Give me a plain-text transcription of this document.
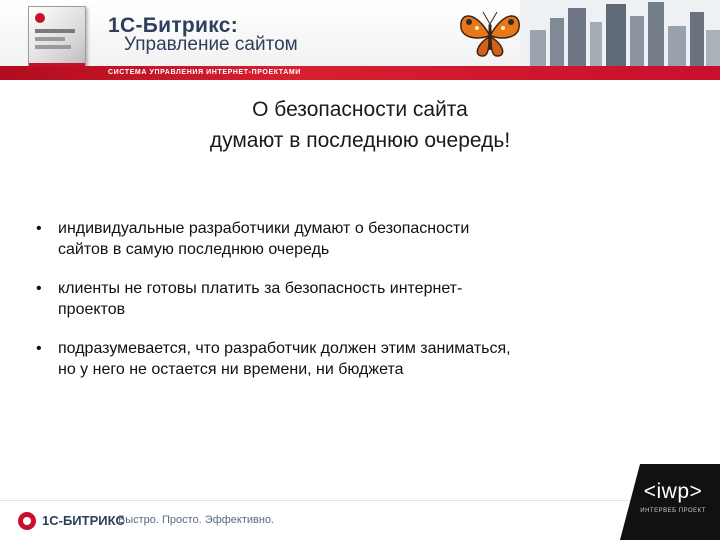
1С-Битрикс:
Управление сайтом
СИСТЕМА УПРАВЛЕНИЯ ИНТЕРНЕТ-ПРОЕКТАМИ
О безопасности сайта
думают в последнюю очередь!
• индивидуальные разработчики думают о безопасности
сайтов в самую последнюю очередь
• клиенты не готовы платить за безопасность интернет-
проектов
• подразумевается, что разработчик должен этим заниматься,
но у него не остается ни времени, ни бюджета
1С-БИТРИКС
Быстро. Просто. Эффективно.
<iwp>
ИНТЕРВЕБ ПРОЕКТ
